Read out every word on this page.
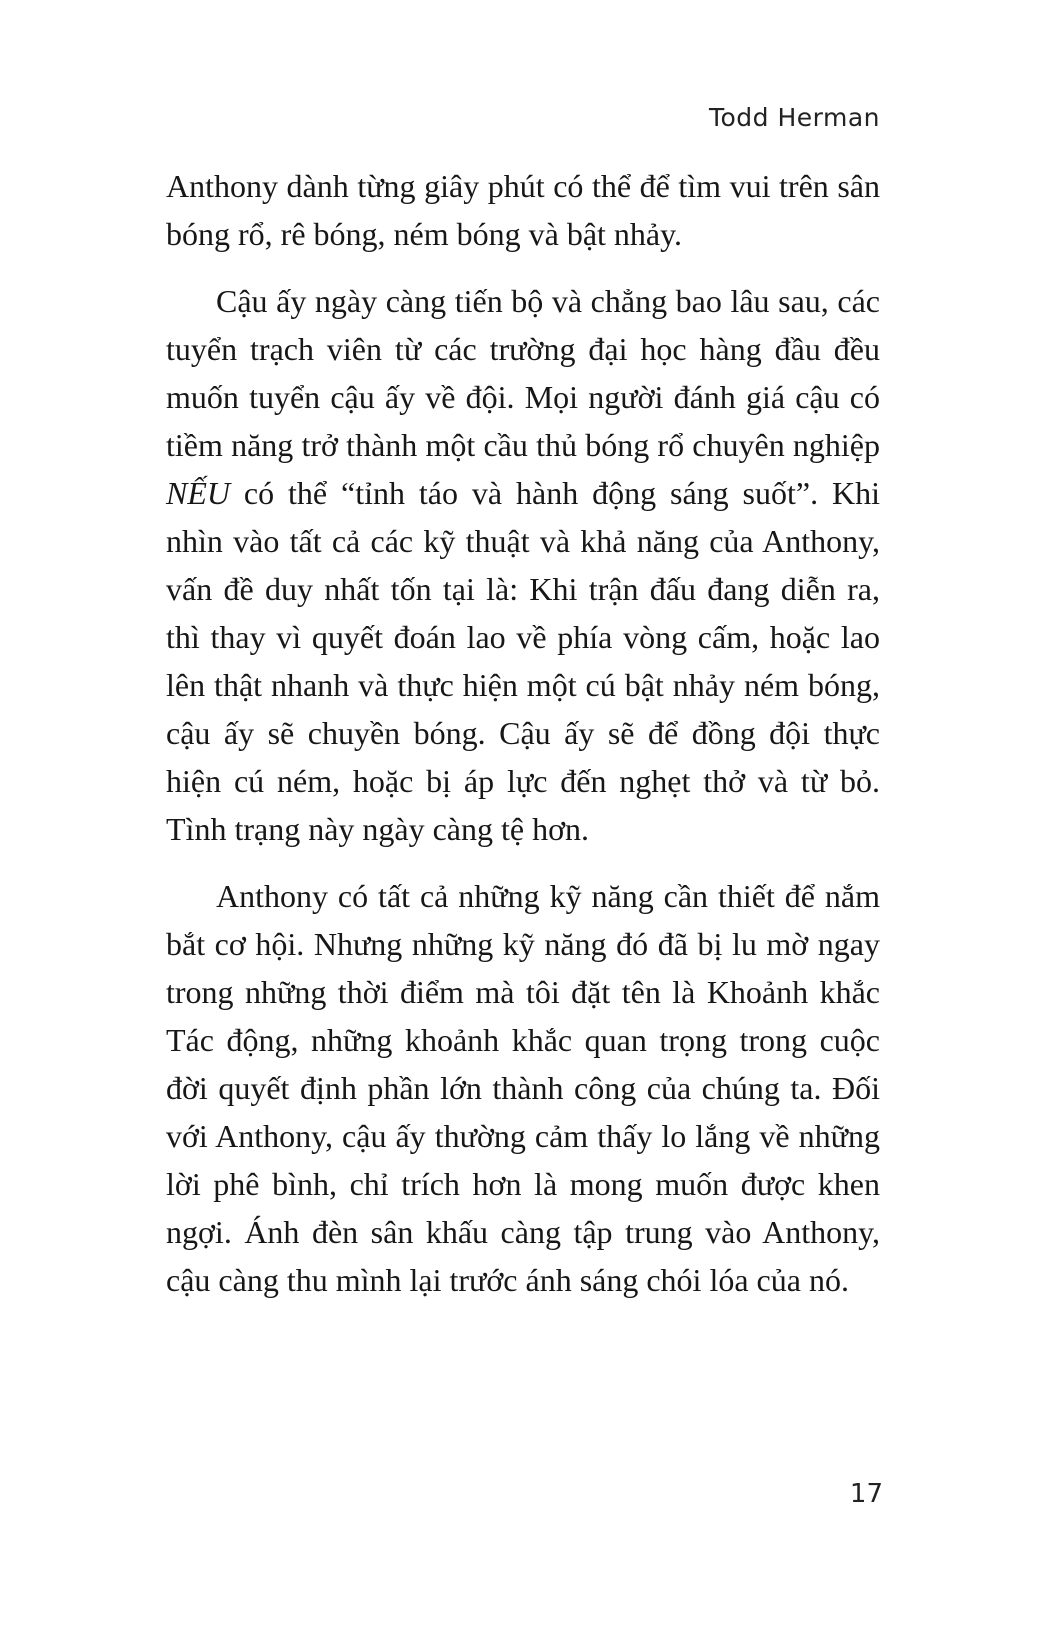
Todd Herman

Anthony dành từng giây phút có thể để tìm vui trên sân bóng rổ, rê bóng, ném bóng và bật nhảy.

Cậu ấy ngày càng tiến bộ và chẳng bao lâu sau, các tuyển trạch viên từ các trường đại học hàng đầu đều muốn tuyển cậu ấy về đội. Mọi người đánh giá cậu có tiềm năng trở thành một cầu thủ bóng rổ chuyên nghiệp NẾU có thể “tỉnh táo và hành động sáng suốt”. Khi nhìn vào tất cả các kỹ thuật và khả năng của Anthony, vấn đề duy nhất tốn tại là: Khi trận đấu đang diễn ra, thì thay vì quyết đoán lao về phía vòng cấm, hoặc lao lên thật nhanh và thực hiện một cú bật nhảy ném bóng, cậu ấy sẽ chuyền bóng. Cậu ấy sẽ để đồng đội thực hiện cú ném, hoặc bị áp lực đến nghẹt thở và từ bỏ. Tình trạng này ngày càng tệ hơn.

Anthony có tất cả những kỹ năng cần thiết để nắm bắt cơ hội. Nhưng những kỹ năng đó đã bị lu mờ ngay trong những thời điểm mà tôi đặt tên là Khoảnh khắc Tác động, những khoảnh khắc quan trọng trong cuộc đời quyết định phần lớn thành công của chúng ta. Đối với Anthony, cậu ấy thường cảm thấy lo lắng về những lời phê bình, chỉ trích hơn là mong muốn được khen ngợi. Ánh đèn sân khấu càng tập trung vào Anthony, cậu càng thu mình lại trước ánh sáng chói lóa của nó.

17
